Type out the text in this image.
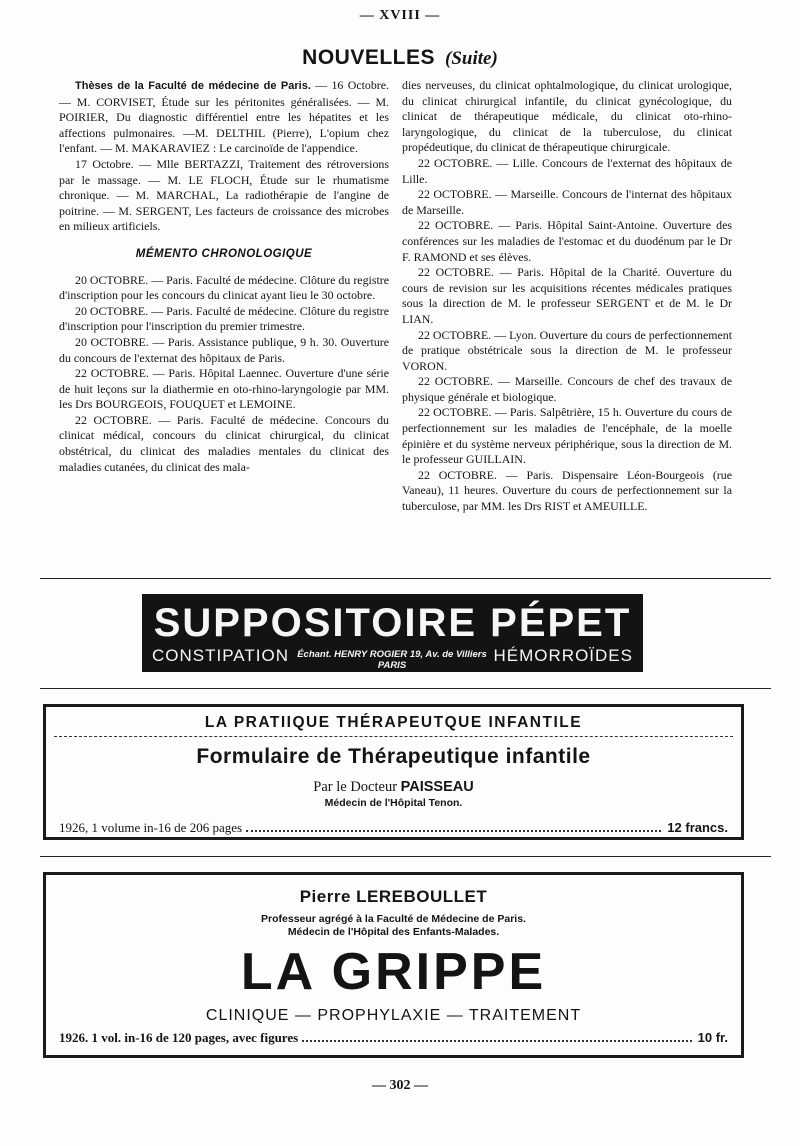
— XVIII —
NOUVELLES (Suite)

Thèses de la Faculté de médecine de Paris. — 16 Octobre. — M. CORVISET, Étude sur les péritonites généralisées. — M. POIRIER, Du diagnostic différentiel entre les hépatites et les affections pulmonaires. —M. DELTHIL (Pierre), L'opium chez l'enfant. — M. MAKARAVIEZ : Le carcinoïde de l'appendice.

17 Octobre. — Mlle BERTAZZI, Traitement des rétroversions par le massage. — M. LE FLOCH, Étude sur le rhumatisme chronique. — M. MARCHAL, La radiothérapie de l'angine de poitrine. — M. SERGENT, Les facteurs de croissance des microbes en milieux artificiels.

MÉMENTO CHRONOLOGIQUE

20 OCTOBRE. — Paris. Faculté de médecine. Clôture du registre d'inscription pour les concours du clinicat ayant lieu le 30 octobre.

20 OCTOBRE. — Paris. Faculté de médecine. Clôture du registre d'inscription pour l'inscription du premier trimestre.

20 OCTOBRE. — Paris. Assistance publique, 9 h. 30. Ouverture du concours de l'externat des hôpitaux de Paris.

22 OCTOBRE. — Paris. Hôpital Laennec. Ouverture d'une série de huit leçons sur la diathermie en oto-rhino-laryngologie par MM. les Drs BOURGEOIS, FOUQUET et LEMOINE.

22 OCTOBRE. — Paris. Faculté de médecine. Concours du clinicat médical, concours du clinicat chirurgical, du clinicat obstétrical, du clinicat des maladies mentales du clinicat des maladies cutanées, du clinicat des mala-

dies nerveuses, du clinicat ophtalmologique, du clinicat urologique, du clinicat chirurgical infantile, du clinicat gynécologique, du clinicat de thérapeutique médicale, du clinicat oto-rhino-laryngologique, du clinicat de la tuberculose, du clinicat propédeutique, du clinicat de thérapeutique chirurgicale.

22 OCTOBRE. — Lille. Concours de l'externat des hôpitaux de Lille.

22 OCTOBRE. — Marseille. Concours de l'internat des hôpitaux de Marseille.

22 OCTOBRE. — Paris. Hôpital Saint-Antoine. Ouverture des conférences sur les maladies de l'estomac et du duodénum par le Dr F. RAMOND et ses élèves.

22 OCTOBRE. — Paris. Hôpital de la Charité. Ouverture du cours de revision sur les acquisitions récentes médicales pratiques sous la direction de M. le professeur SERGENT et de M. le Dr LIAN.

22 OCTOBRE. — Lyon. Ouverture du cours de perfectionnement de pratique obstétricale sous la direction de M. le professeur VORON.

22 OCTOBRE. — Marseille. Concours de chef des travaux de physique générale et biologique.

22 OCTOBRE. — Paris. Salpêtrière, 15 h. Ouverture du cours de perfectionnement sur les maladies de l'encéphale, de la moelle épinière et du système nerveux périphérique, sous la direction de M. le professeur GUILLAIN.

22 OCTOBRE. — Paris. Dispensaire Léon-Bourgeois (rue Vaneau), 11 heures. Ouverture du cours de perfectionnement sur la tuberculose, par MM. les Drs RIST et AMEUILLE.

SUPPOSITOIRE PÉPET
CONSTIPATION Échant. HENRY ROGIER 19, Av. de Villiers PARIS
HÉMORROÏDES
LA PRATIIQUE THÉRAPEUTQUE INFANTILE
Formulaire de Thérapeutique infantile
Par le Docteur PAISSEAU
Médecin de l'Hôpital Tenon.
1926, 1 volume in-16 de 206 pages	12 francs.
Pierre LEREBOULLET
Professeur agrégé à la Faculté de Médecine de Paris.
Médecin de l'Hôpital des Enfants-Malades.
LA GRIPPE
CLINIQUE — PROPHYLAXIE — TRAITEMENT
1926. 1 vol. in-16 de 120 pages, avec figures	10 fr.
— 302 —
